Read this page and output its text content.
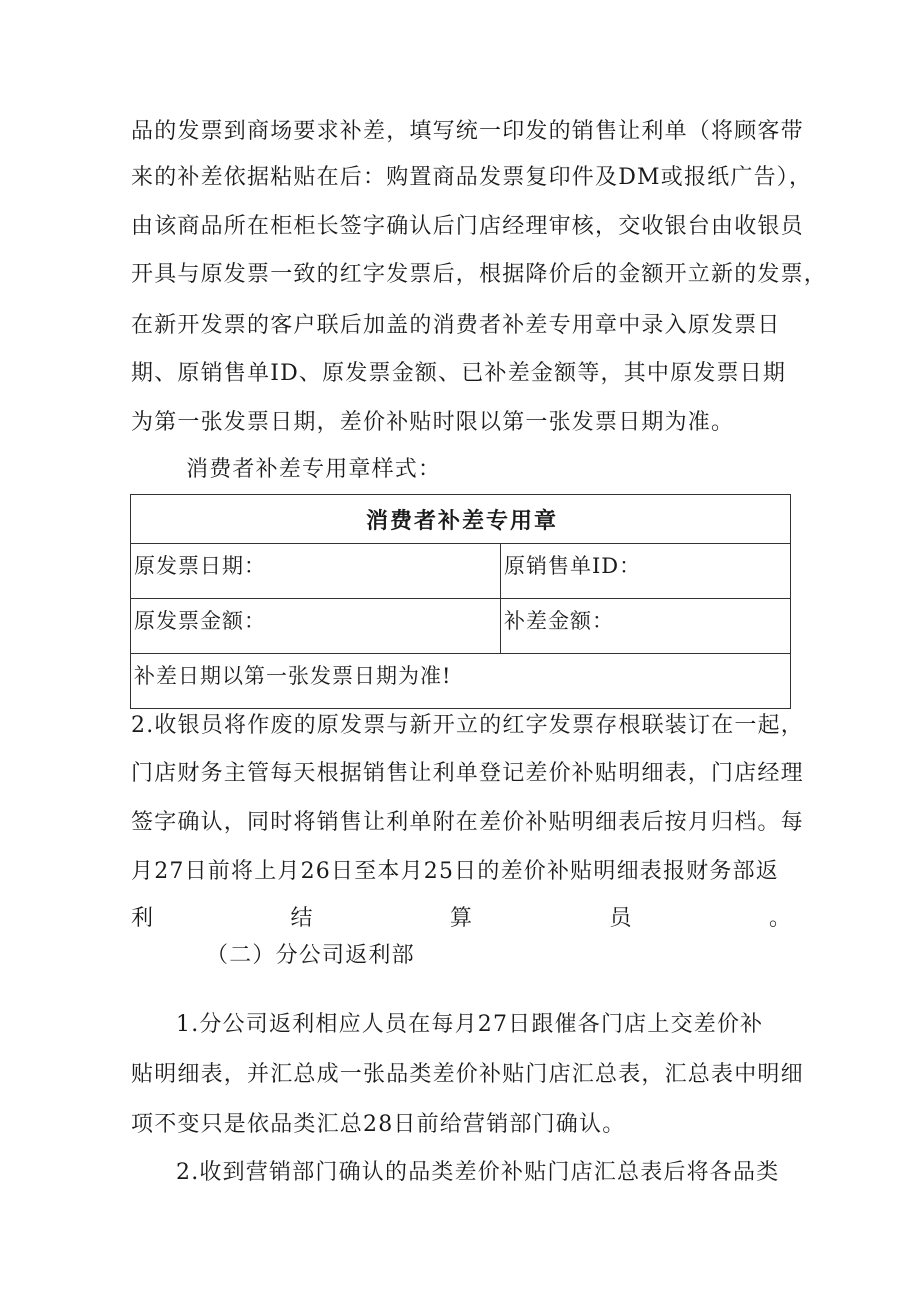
品的发票到商场要求补差，填写统一印发的销售让利单（将顾客带
来的补差依据粘贴在后：购置商品发票复印件及DM或报纸广告），
由该商品所在柜柜长签字确认后门店经理审核，交收银台由收银员
开具与原发票一致的红字发票后，根据降价后的金额开立新的发票，
在新开发票的客户联后加盖的消费者补差专用章中录入原发票日
期、原销售单ID、原发票金额、已补差金额等，其中原发票日期
为第一张发票日期，差价补贴时限以第一张发票日期为准。
消费者补差专用章样式：
消费者补差专用章	
原发票日期：	原销售单ID：
原发票金额：	补差金额：
补差日期以第一张发票日期为准!	
2.收银员将作废的原发票与新开立的红字发票存根联装订在一起，
门店财务主管每天根据销售让利单登记差价补贴明细表，门店经理
签字确认，同时将销售让利单附在差价补贴明细表后按月归档。每
月27日前将上月26日至本月25日的差价补贴明细表报财务部返
利	结	算	员	。
（二）分公司返利部
1.分公司返利相应人员在每月27日跟催各门店上交差价补
贴明细表，并汇总成一张品类差价补贴门店汇总表，汇总表中明细
项不变只是依品类汇总28日前给营销部门确认。
2.收到营销部门确认的品类差价补贴门店汇总表后将各品类
